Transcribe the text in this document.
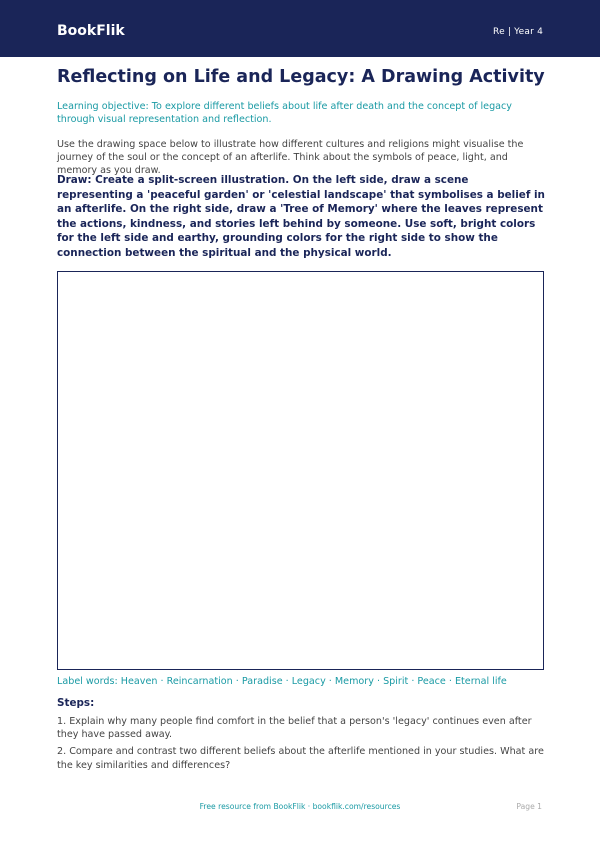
BookFlik	Re | Year 4
Reflecting on Life and Legacy: A Drawing Activity

Learning objective: To explore different beliefs about life after death and the concept of legacy through visual representation and reflection.

Use the drawing space below to illustrate how different cultures and religions might visualise the journey of the soul or the concept of an afterlife. Think about the symbols of peace, light, and memory as you draw.

Draw: Create a split-screen illustration. On the left side, draw a scene representing a 'peaceful garden' or 'celestial landscape' that symbolises a belief in an afterlife. On the right side, draw a 'Tree of Memory' where the leaves represent the actions, kindness, and stories left behind by someone. Use soft, bright colors for the left side and earthy, grounding colors for the right side to show the connection between the spiritual and the physical world.

Label words: Heaven · Reincarnation · Paradise · Legacy · Memory · Spirit · Peace · Eternal life
Steps:

1. Explain why many people find comfort in the belief that a person's 'legacy' continues even after they have passed away.

2. Compare and contrast two different beliefs about the afterlife mentioned in your studies. What are the key similarities and differences?

Free resource from BookFlik · bookflik.com/resources	Page 1
